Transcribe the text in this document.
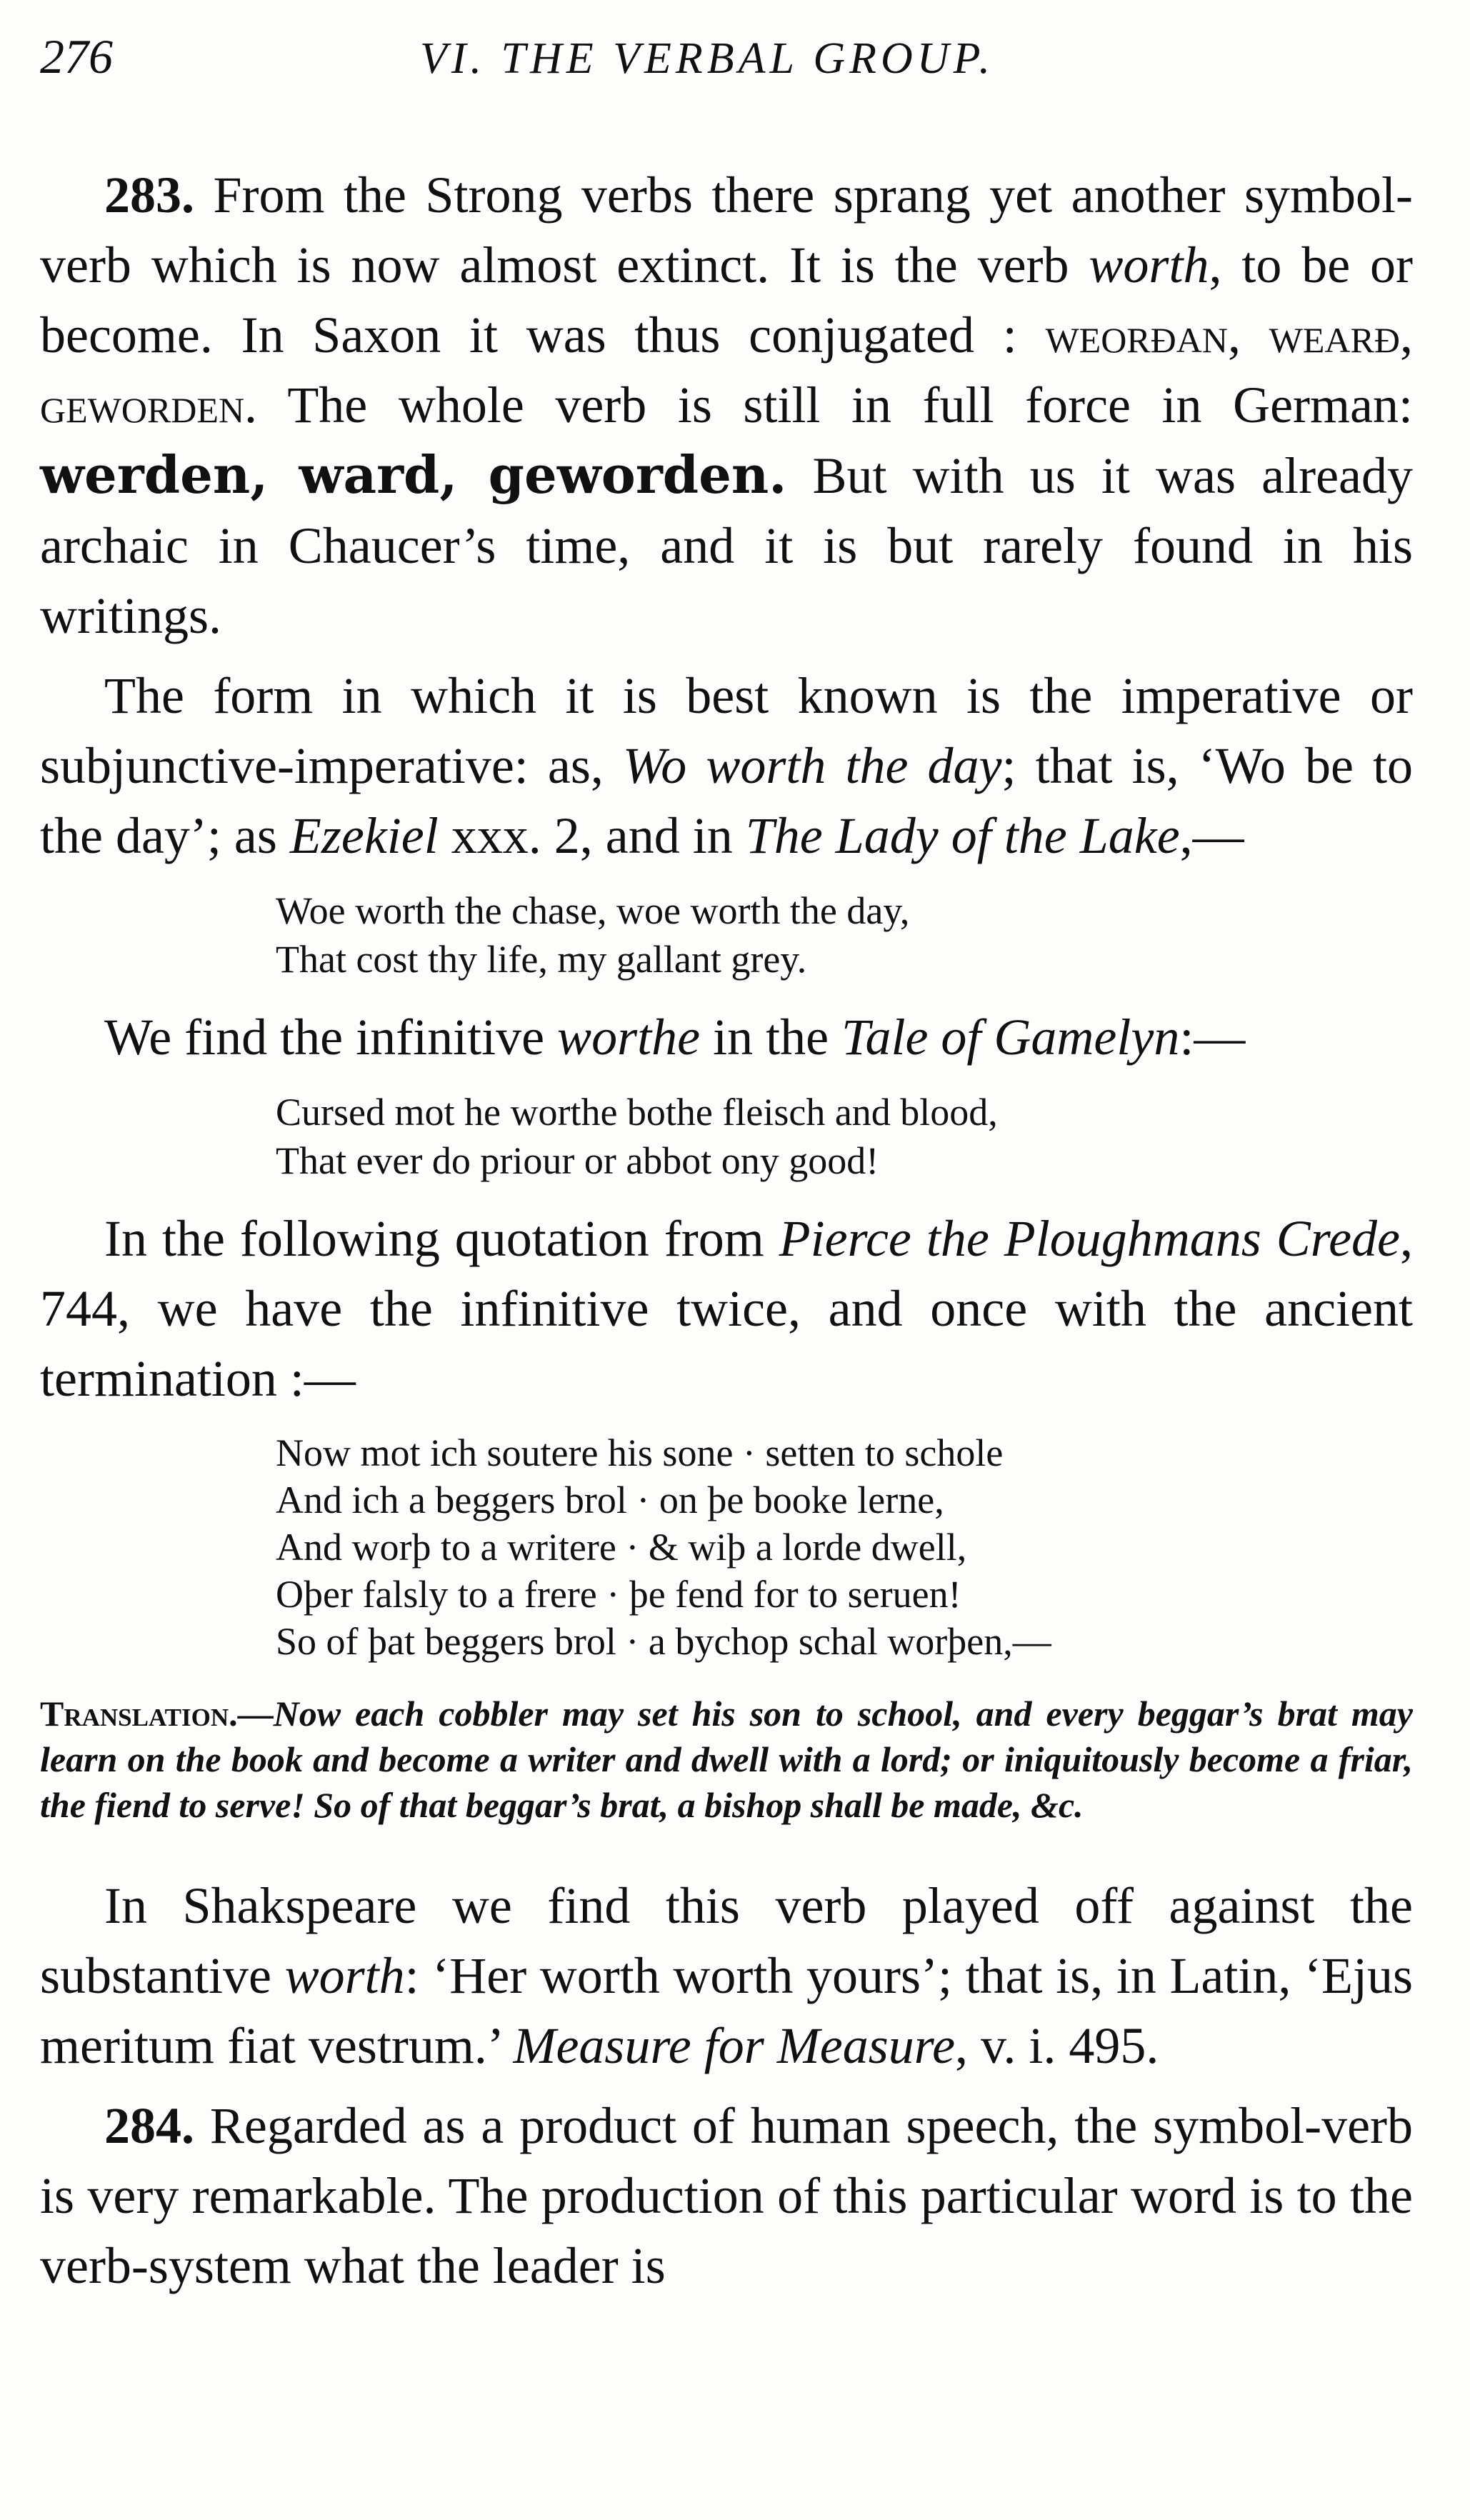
276	VI. THE VERBAL GROUP.

283. From the Strong verbs there sprang yet another symbol-verb which is now almost extinct. It is the verb worth, to be or become. In Saxon it was thus conjugated : weorðan, wearð, geworden. The whole verb is still in full force in German: werden, ward, geworden. But with us it was already archaic in Chaucer’s time, and it is but rarely found in his writings.

The form in which it is best known is the imperative or subjunctive-imperative: as, Wo worth the day; that is, ‘Wo be to the day’; as Ezekiel xxx. 2, and in The Lady of the Lake,—

Woe worth the chase, woe worth the day,
That cost thy life, my gallant grey.

We find the infinitive worthe in the Tale of Gamelyn:—

Cursed mot he worthe bothe fleisch and blood,
That ever do priour or abbot ony good!

In the following quotation from Pierce the Ploughmans Crede, 744, we have the infinitive twice, and once with the ancient termination :—

Now mot ich soutere his sone · setten to schole
And ich a beggers brol · on þe booke lerne,
And worþ to a writere · & wiþ a lorde dwell,
Oþer falsly to a frere · þe fend for to seruen!
So of þat beggers brol · a bychop schal worþen,—

Translation.—Now each cobbler may set his son to school, and every beggar’s brat may learn on the book and become a writer and dwell with a lord; or iniquitously become a friar, the fiend to serve! So of that beggar’s brat, a bishop shall be made, &c.

In Shakspeare we find this verb played off against the substantive worth: ‘Her worth worth yours’; that is, in Latin, ‘Ejus meritum fiat vestrum.’ Measure for Measure, v. i. 495.

284. Regarded as a product of human speech, the symbol-verb is very remarkable. The production of this particular word is to the verb-system what the leader is
